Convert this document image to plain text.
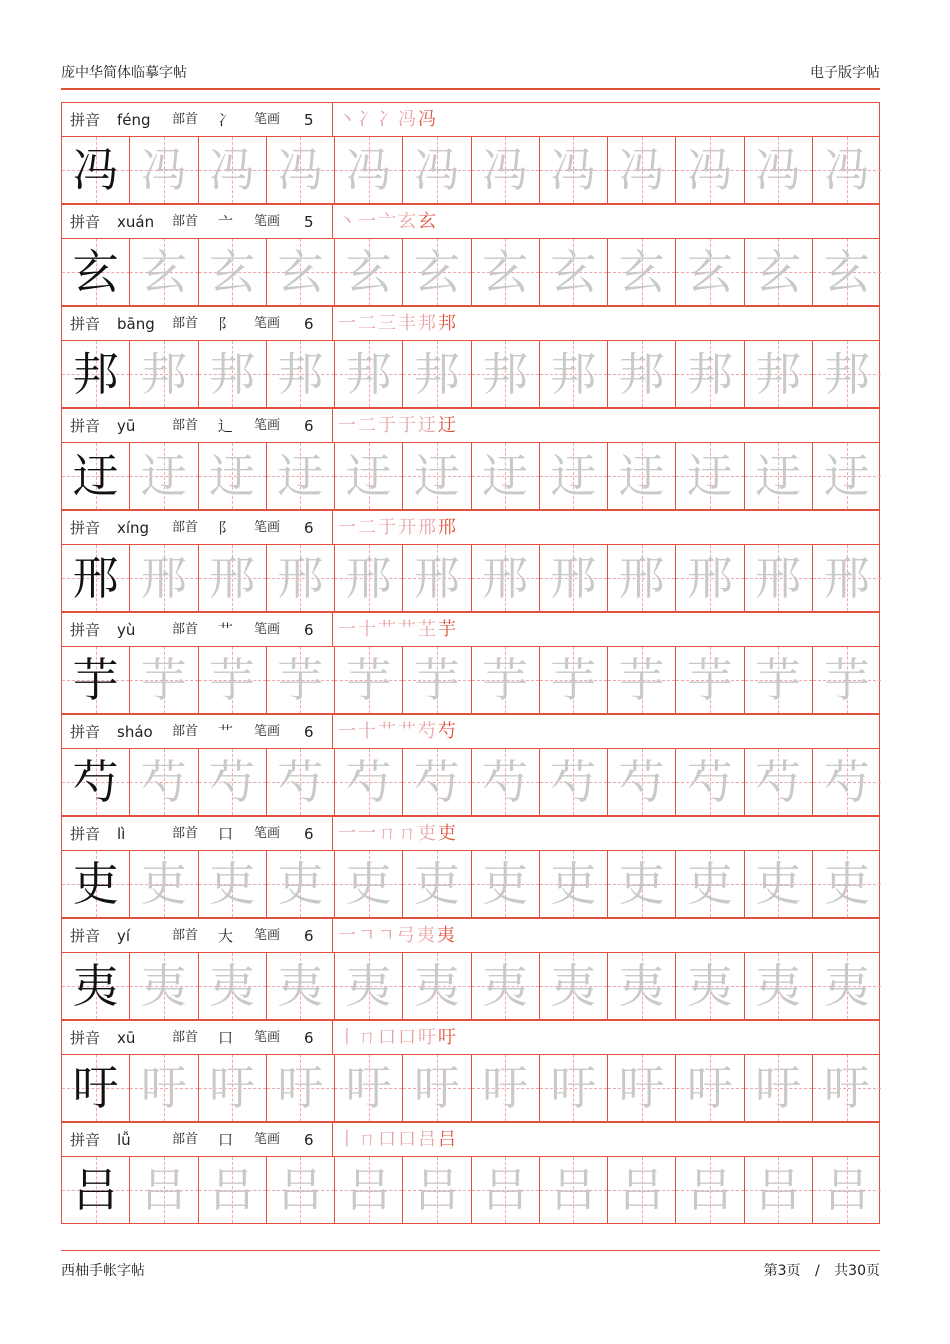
庞中华简体临摹字帖	电子版字帖
拼音 féng 部首 冫 笔画 5 丶 冫 冫 冯 冯
冯 冯 冯 冯 冯 冯 冯 冯 冯 冯 冯 冯
拼音 xuán 部首 亠 笔画 5 丶 一 亠 玄 玄
玄 玄 玄 玄 玄 玄 玄 玄 玄 玄 玄 玄
拼音 bāng 部首 阝 笔画 6 一 二 三 丰 邦 邦
邦 邦 邦 邦 邦 邦 邦 邦 邦 邦 邦 邦
拼音 yū	部首 辶 笔画 6 一 二 于 于 迂 迂
迂 迂 迂 迂 迂 迂 迂 迂 迂 迂 迂 迂
拼音 xíng 部首 阝 笔画 6 一 二 于 开 邢 邢
邢 邢 邢 邢 邢 邢 邢 邢 邢 邢 邢 邢
拼音 yù	部首 艹 笔画 6 一 十 艹 艹 芏 芋
芋 芋 芋 芋 芋 芋 芋 芋 芋 芋 芋 芋
拼音 sháo 部首 艹 笔画 6 一 十 艹 艹 芍 芍
芍 芍 芍 芍 芍 芍 芍 芍 芍 芍 芍 芍
拼音 lì	部首 口 笔画 6 一 一 ㄇ ㄇ 吏 吏
吏 吏 吏 吏 吏 吏 吏 吏 吏 吏 吏 吏
拼音 yí	部首 大 笔画 6 一 ㄱ ㄱ 弓 夷 夷
夷 夷 夷 夷 夷 夷 夷 夷 夷 夷 夷 夷
拼音 xū	部首 口 笔画 6 丨 ㄇ 口 口 吁 吁
吁 吁 吁 吁 吁 吁 吁 吁 吁 吁 吁 吁
拼音 lǚ	部首 口 笔画 6 丨 ㄇ 口 口 吕 吕
吕 吕 吕 吕 吕 吕 吕 吕 吕 吕 吕 吕
西柚手帐字帖	第3页 / 共30页
